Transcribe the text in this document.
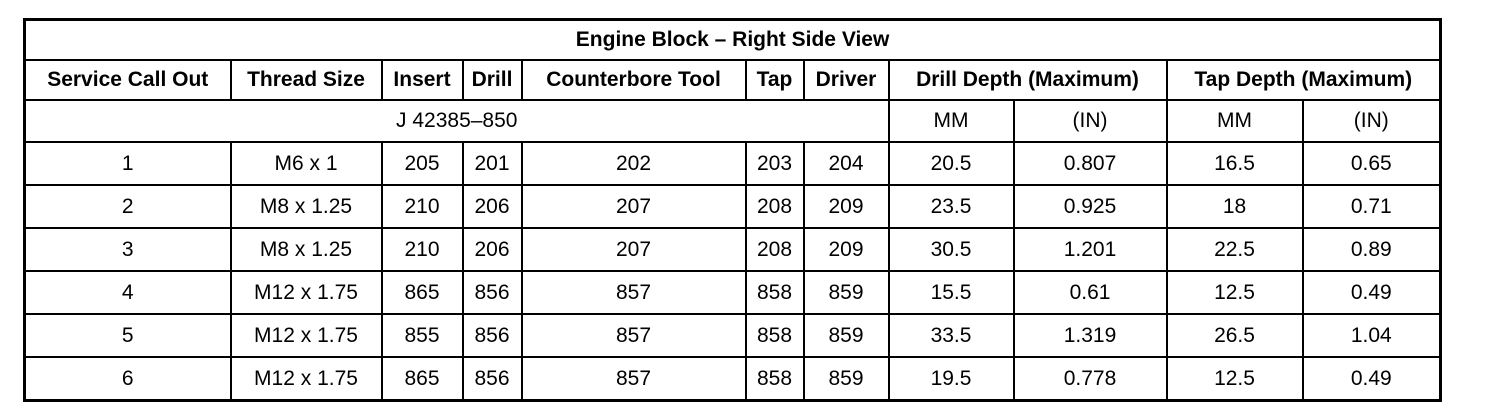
Engine Block – Right Side View										
Service Call Out	Thread Size	Insert	Drill	Counterbore Tool	Tap	Driver	Drill Depth (Maximum)		Tap Depth (Maximum)	
J 42385–850							MM	(IN)	MM	(IN)
1	M6 x 1	205	201	202	203	204	20.5	0.807	16.5	0.65
2	M8 x 1.25	210	206	207	208	209	23.5	0.925	18	0.71
3	M8 x 1.25	210	206	207	208	209	30.5	1.201	22.5	0.89
4	M12 x 1.75	865	856	857	858	859	15.5	0.61	12.5	0.49
5	M12 x 1.75	855	856	857	858	859	33.5	1.319	26.5	1.04
6	M12 x 1.75	865	856	857	858	859	19.5	0.778	12.5	0.49
